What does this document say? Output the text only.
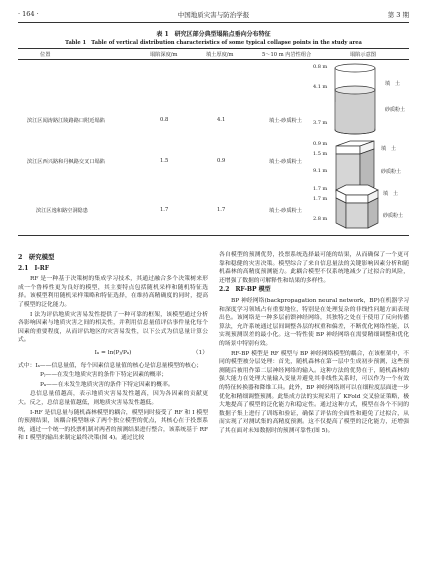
· 164 ·	中国地质灾害与防治学报	第 3 期
表 1　研究区部分典型塌陷点垂向分布特征
Table 1　Table of vertical distribution characteristics of some typical collapse points in the study area
位置	塌陷深度/m	填土厚度/m	5～10 m 内岩性组合	塌陷示意图
滨江区闻涛路江陵路路口附近塌陷	0.8	4.1	填土-砂质粉土
滨江区西兴路和丹枫路交叉口塌陷	1.5	0.9	填土-砂质粉土
滨江区逸和路空洞隐患	1.7	1.7	填土-砂质粉土
0.8 m
4.1 m
3.7 m
填　土
砂质粉土
0.9 m
1.5 m
9.1 m
填　土
砂质粉土
1.7 m
1.7 m
2.8 m
填　土
砂质粉土
2　研究模型
2.1　I-RF

RF 是一种基于决策树的集成学习技术，其通过融合多个决策树来形成一个鲁棒性更为良好的模型，其主要特点包括随机采样和随机特征选择。该模型利用随机采样策略和特征选择，在维持高精确度的同时，提高了模型的泛化能力。

I 法为评估地质灾害易发性提供了一种可靠的框架，该模型通过分析各影响因素与地质灾害之间的相关性，并利用信息量值评估事件量化每个因素的重要程度，从而评估地区的灾害易发性，以下公式为信息量计算公式。

Iₐ = ln(Pⱼ/Pₐ)	（1）

式中：Iₐ——信息量值，每个因素信息量值的核心是信息量模型的核心；

Pⱼ——在发生地质灾害的条件下特定因素的概率；

Pₐ——在未发生地质灾害的条件下特定因素的概率。

总信息量值越高，表示地质灾害易发性越高，因为各因素的贡献更大。反之，总信息量值越低，则地质灾害易发性越低。

I-RF 是信息量与随机森林模型的耦合，模型同时接受了 RF 和 I 模型的预测结果，该耦合模型继承了两个独立模型的优点，其核心在于投票系统，通过一个统一的投票机制对两者的预测结果进行整合，该系统基于 RF 和 I 模型的输出来制定最终决策(图 4)。通过比较

各自模型的预测优势，投票系统选择最可能的结果，从而确保了一个更可靠和稳健的灾害决策。模型综合了来自信息量法的关键影响因素分析和随机森林的高精度预测能力。此耦合模型不仅系统地减少了过拟合的风险，还增强了数据的可解释性和结果的多样性。

2.2　RF-BP 模型

BP 神经网络(backpropagation neural network，BP)在机器学习和深度学习领域占有重要地位，特别是在处理复杂的非线性问题方面表现出色。该网络是一种多层前馈神经网络，其独特之处在于使用了反向传播算法，允许系统通过层间调整各层的权重和偏差，不断优化网络性能，以实现预测误差的最小化。这一特性使 BP 神经网络在需要精细调整和优化的场景中特别有效。

RF-BP 模型是 RF 模型与 BP 神经网络模型的耦合，在该框架中，不同的模型被分层处理：首先，随机森林在第一层中生成初步预测，这些预测随后被用作第二层神经网络的输入。这种方法的优势在于，随机森林的强大能力在处理大量输入变量并避免其非线性关系时，可以作为一个有效的特征转换器和降维工具。此外，BP 神经网络则可以在细粒度层面进一步优化和精细调整预测。此集成方法的实现采用了 KFold 交叉验证策略，极大地提高了模型的泛化能力和稳定性。通过这种方式，模型在各个不同的数据子集上进行了训练和验证，确保了评估的全面性和避免了过拟合，从而实现了对测试集的高精度预测。这不仅提高了模型的泛化能力，还增强了其在面对未知数据时的预测可靠性(图 5)。
